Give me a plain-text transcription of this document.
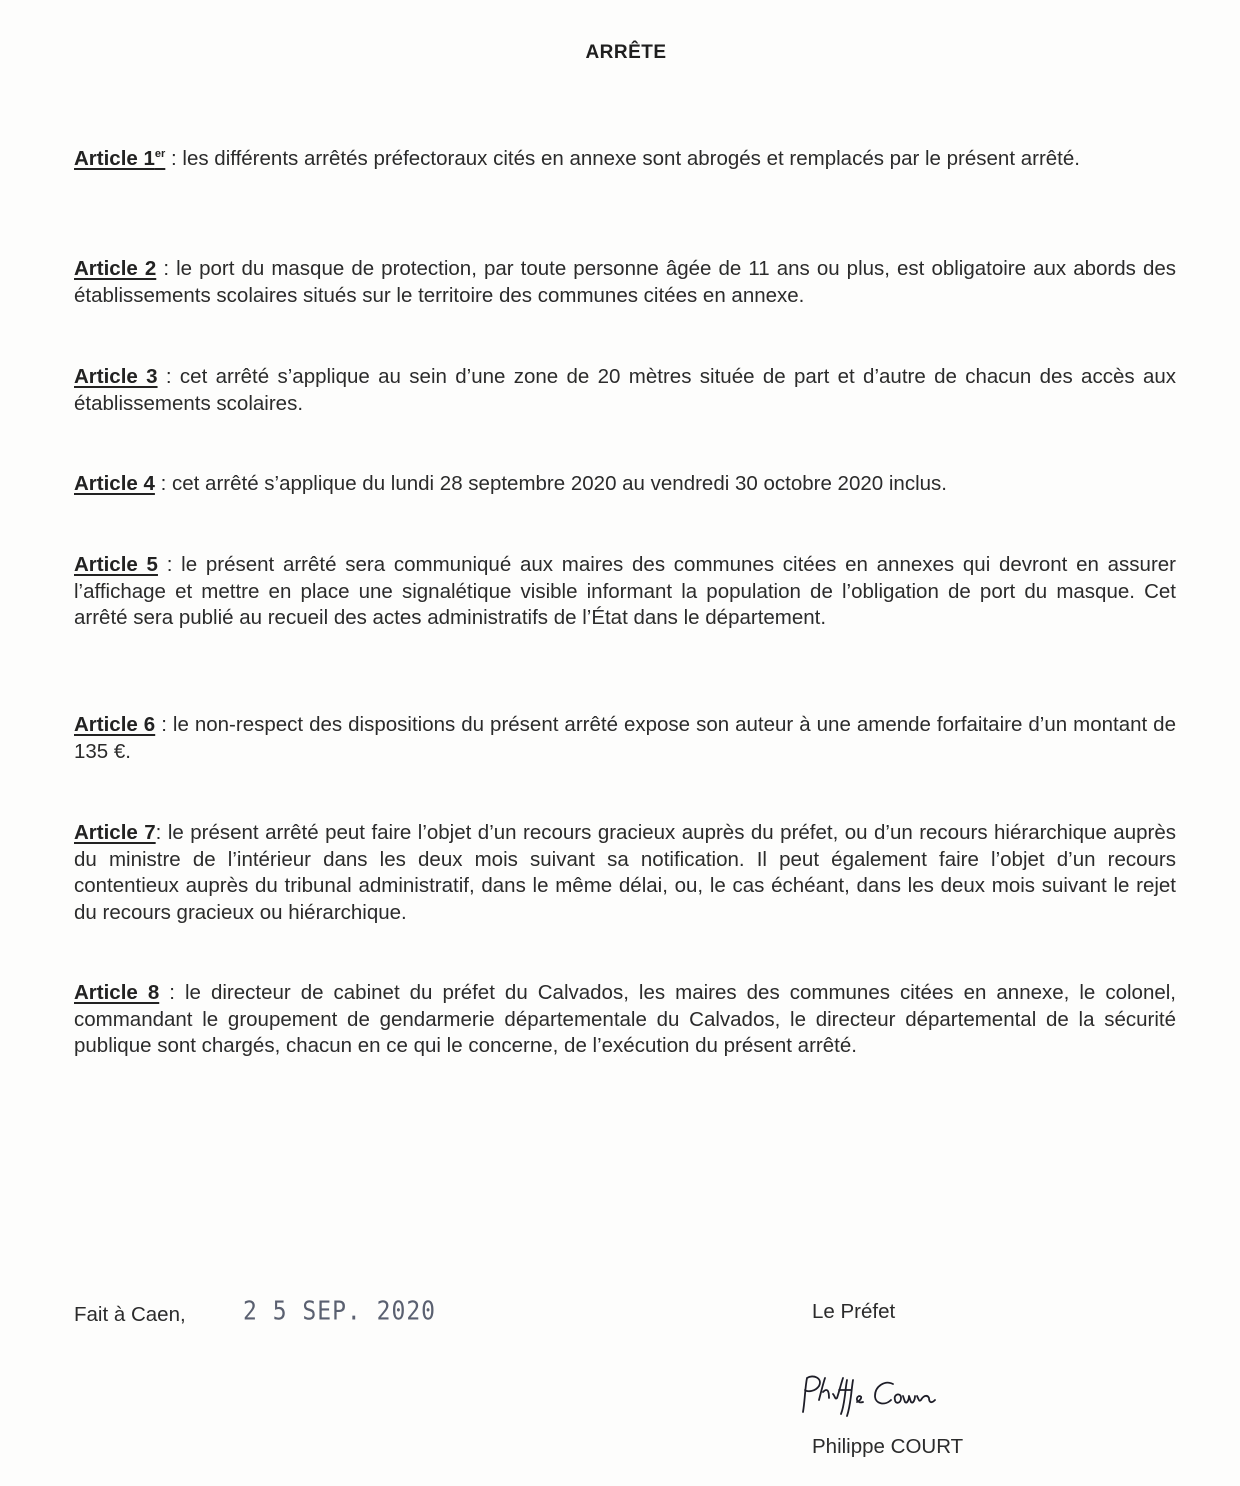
ARRÊTE
Article 1er : les différents arrêtés préfectoraux cités en annexe sont abrogés et remplacés par le présent arrêté.
Article 2 : le port du masque de protection, par toute personne âgée de 11 ans ou plus, est obligatoire aux abords des établissements scolaires situés sur le territoire des communes citées en annexe.
Article 3 : cet arrêté s’applique au sein d’une zone de 20 mètres située de part et d’autre de chacun des accès aux établissements scolaires.
Article 4 : cet arrêté s’applique du lundi 28 septembre 2020 au vendredi 30 octobre 2020 inclus.
Article 5 : le présent arrêté sera communiqué aux maires des communes citées en annexes qui devront en assurer l’affichage et mettre en place une signalétique visible informant la population de l’obligation de port du masque. Cet arrêté sera publié au recueil des actes administratifs de l’État dans le département.
Article 6 : le non-respect des dispositions du présent arrêté expose son auteur à une amende forfaitaire d’un montant de 135 €.
Article 7: le présent arrêté peut faire l’objet d’un recours gracieux auprès du préfet, ou d’un recours hiérarchique auprès du ministre de l’intérieur dans les deux mois suivant sa notification. Il peut également faire l’objet d’un recours contentieux auprès du tribunal administratif, dans le même délai, ou, le cas échéant, dans les deux mois suivant le rejet du recours gracieux ou hiérarchique.
Article 8 : le directeur de cabinet du préfet du Calvados, les maires des communes citées en annexe, le colonel, commandant le groupement de gendarmerie départementale du Calvados, le directeur départemental de la sécurité publique sont chargés, chacun en ce qui le concerne, de l’exécution du présent arrêté.
Fait à Caen, 2 5 SEP. 2020	Le Préfet
Philippe COURT
